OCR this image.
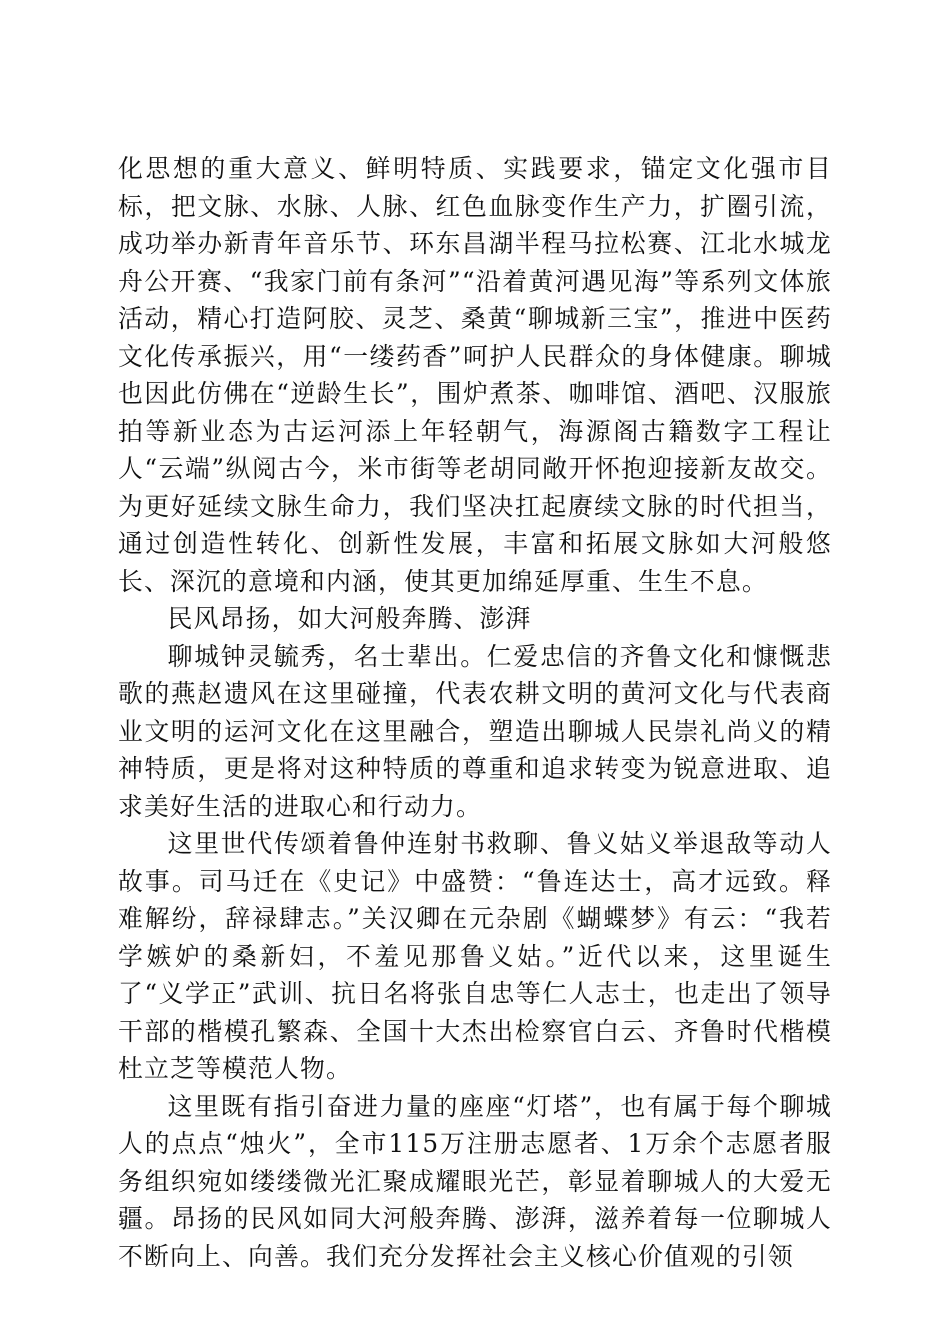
化思想的重大意义、鲜明特质、实践要求，锚定文化强市目标，把文脉、水脉、人脉、红色血脉变作生产力，扩圈引流，成功举办新青年音乐节、环东昌湖半程马拉松赛、江北水城龙舟公开赛、“我家门前有条河”“沿着黄河遇见海”等系列文体旅活动，精心打造阿胶、灵芝、桑黄“聊城新三宝”，推进中医药文化传承振兴，用“一缕药香”呵护人民群众的身体健康。聊城也因此仿佛在“逆龄生长”，围炉煮茶、咖啡馆、酒吧、汉服旅拍等新业态为古运河添上年轻朝气，海源阁古籍数字工程让人“云端”纵阅古今，米市街等老胡同敞开怀抱迎接新友故交。为更好延续文脉生命力，我们坚决扛起赓续文脉的时代担当，通过创造性转化、创新性发展，丰富和拓展文脉如大河般悠长、深沉的意境和内涵，使其更加绵延厚重、生生不息。

民风昂扬，如大河般奔腾、澎湃

聊城钟灵毓秀，名士辈出。仁爱忠信的齐鲁文化和慷慨悲歌的燕赵遗风在这里碰撞，代表农耕文明的黄河文化与代表商业文明的运河文化在这里融合，塑造出聊城人民崇礼尚义的精神特质，更是将对这种特质的尊重和追求转变为锐意进取、追求美好生活的进取心和行动力。

这里世代传颂着鲁仲连射书救聊、鲁义姑义举退敌等动人故事。司马迁在《史记》中盛赞：“鲁连达士，高才远致。释难解纷，辞禄肆志。”关汉卿在元杂剧《蝴蝶梦》有云：“我若学嫉妒的桑新妇，不羞见那鲁义姑。”近代以来，这里诞生了“义学正”武训、抗日名将张自忠等仁人志士，也走出了领导干部的楷模孔繁森、全国十大杰出检察官白云、齐鲁时代楷模杜立芝等模范人物。

这里既有指引奋进力量的座座“灯塔”，也有属于每个聊城人的点点“烛火”，全市115万注册志愿者、1万余个志愿者服务组织宛如缕缕微光汇聚成耀眼光芒，彰显着聊城人的大爱无疆。昂扬的民风如同大河般奔腾、澎湃，滋养着每一位聊城人不断向上、向善。我们充分发挥社会主义核心价值观的引领
